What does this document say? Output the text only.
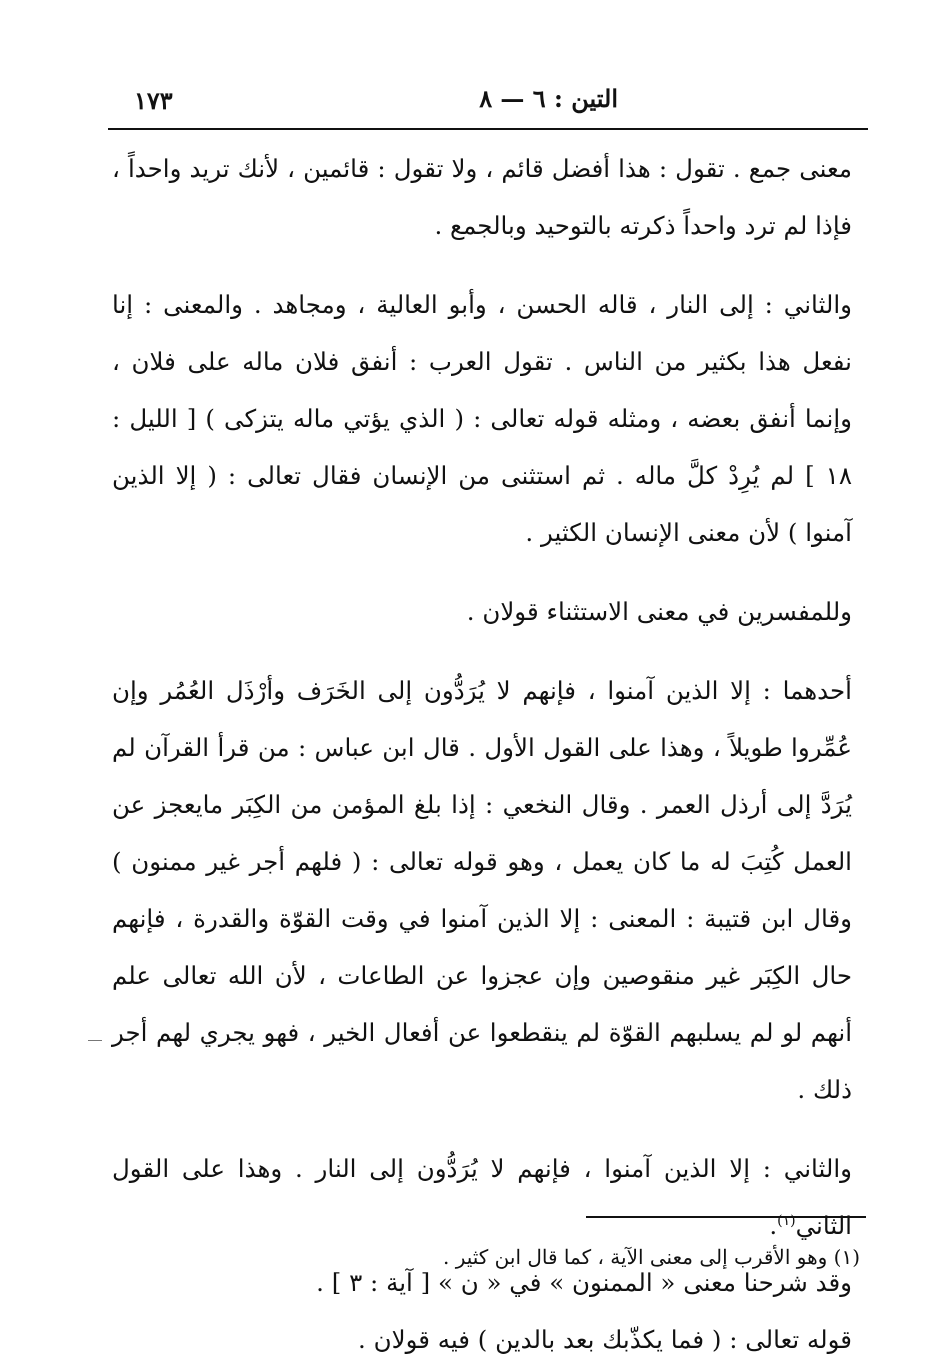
التين : ٦ — ٨
١٧٣

معنى جمع . تقول : هذا أفضل قائم ، ولا تقول : قائمين ، لأنك تريد واحداً ، فإذا لم ترد واحداً ذكرته بالتوحيد وبالجمع .

والثاني : إلى النار ، قاله الحسن ، وأبو العالية ، ومجاهد . والمعنى : إنا نفعل هذا بكثير من الناس . تقول العرب : أنفق فلان ماله على فلان ، وإنما أنفق بعضه ، ومثله قوله تعالى : ( الذي يؤتي ماله يتزكى ) [ الليل : ١٨ ] لم يُرِدْ كلَّ ماله . ثم استثنى من الإنسان فقال تعالى : ( إلا الذين آمنوا ) لأن معنى الإنسان الكثير .

وللمفسرين في معنى الاستثناء قولان .

أحدهما : إلا الذين آمنوا ، فإنهم لا يُرَدُّون إلى الخَرَف وأرْذَل العُمُر وإن عُمِّروا طويلاً ، وهذا على القول الأول . قال ابن عباس : من قرأ القرآن لم يُرَدَّ إلى أرذل العمر . وقال النخعي : إذا بلغ المؤمن من الكِبَر مايعجز عن العمل كُتِبَ له ما كان يعمل ، وهو قوله تعالى : ( فلهم أجر غير ممنون ) وقال ابن قتيبة : المعنى : إلا الذين آمنوا في وقت القوّة والقدرة ، فإنهم حال الكِبَر غير منقوصين وإن عجزوا عن الطاعات ، لأن الله تعالى علم أنهم لو لم يسلبهم القوّة لم ينقطعوا عن أفعال الخير ، فهو يجري لهم أجر ذلك .

والثاني : إلا الذين آمنوا ، فإنهم لا يُرَدُّون إلى النار . وهذا على القول الثاني$^{(١)}$.

وقد شرحنا معنى « الممنون » في « ن » [ آية : ٣ ] .

قوله تعالى : ( فما يكذّبك بعد بالدين ) فيه قولان .

(١) وهو الأقرب إلى معنى الآية ، كما قال ابن كثير .
